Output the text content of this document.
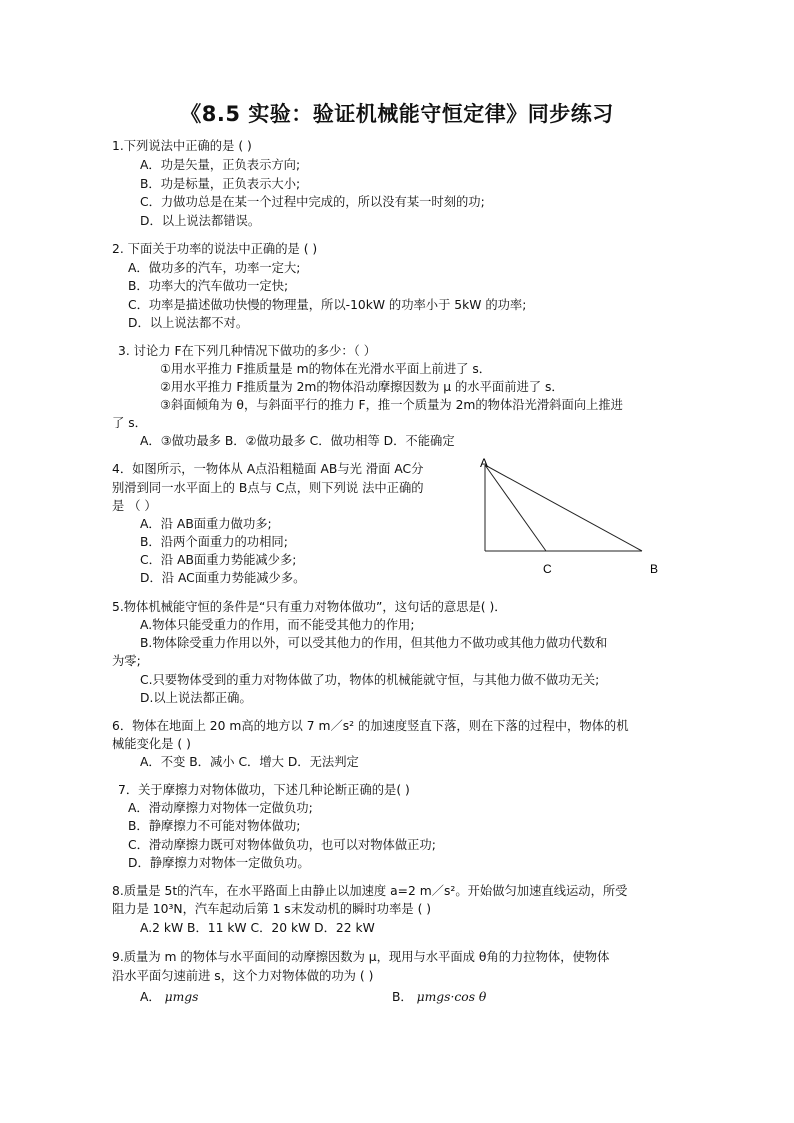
《8.5 实验：验证机械能守恒定律》同步练习
1.下列说法中正确的是 ( )
A．功是矢量，正负表示方向;
B．功是标量，正负表示大小;
C．力做功总是在某一个过程中完成的，所以没有某一时刻的功;
D．以上说法都错误。
2. 下面关于功率的说法中正确的是 ( )
A．做功多的汽车，功率一定大;
B．功率大的汽车做功一定快;
C．功率是描述做功快慢的物理量，所以-10kW 的功率小于 5kW 的功率;
D．以上说法都不对。
3. 讨论力 F在下列几种情况下做功的多少：（ ）
①用水平推力 F推质量是 m的物体在光滑水平面上前进了 s．
②用水平推力 F推质量为 2m的物体沿动摩擦因数为 μ 的水平面前进了 s．
③斜面倾角为 θ，与斜面平行的推力 F，推一个质量为 2m的物体沿光滑斜面向上推进
了 s．
A．③做功最多 B．②做功最多 C．做功相等 D．不能确定
4．如图所示，一物体从 A点沿粗糙面 AB与光 滑面 AC分
别滑到同一水平面上的 B点与 C点，则下列说 法中正确的
是 （ ）
A．沿 AB面重力做功多;
B．沿两个面重力的功相同;
C．沿 AB面重力势能减少多;
D．沿 AC面重力势能减少多。
A
C	B
5.物体机械能守恒的条件是“只有重力对物体做功”，这句话的意思是( )．
A.物体只能受重力的作用，而不能受其他力的作用;
B.物体除受重力作用以外，可以受其他力的作用，但其他力不做功或其他力做功代数和
为零;
C.只要物体受到的重力对物体做了功，物体的机械能就守恒，与其他力做不做功无关;
D.以上说法都正确。
6．物体在地面上 20 m高的地方以 7 m／s² 的加速度竖直下落，则在下落的过程中，物体的机
械能变化是 ( )
A．不变 B．减小 C．增大 D．无法判定
7．关于摩擦力对物体做功，下述几种论断正确的是( )
A．滑动摩擦力对物体一定做负功;
B．静摩擦力不可能对物体做功;
C．滑动摩擦力既可对物体做负功，也可以对物体做正功;
D．静摩擦力对物体一定做负功。
8.质量是 5t的汽车，在水平路面上由静止以加速度 a=2 m／s²。开始做匀加速直线运动，所受
阻力是 10³N，汽车起动后第 1 s末发动机的瞬时功率是 ( )
A.2 kW B．11 kW C．20 kW D．22 kW
9.质量为 m 的物体与水平面间的动摩擦因数为 μ，现用与水平面成 θ角的力拉物体，使物体
沿水平面匀速前进 s，这个力对物体做的功为 ( )
A． μmgs	B． μmgs·cos θ
